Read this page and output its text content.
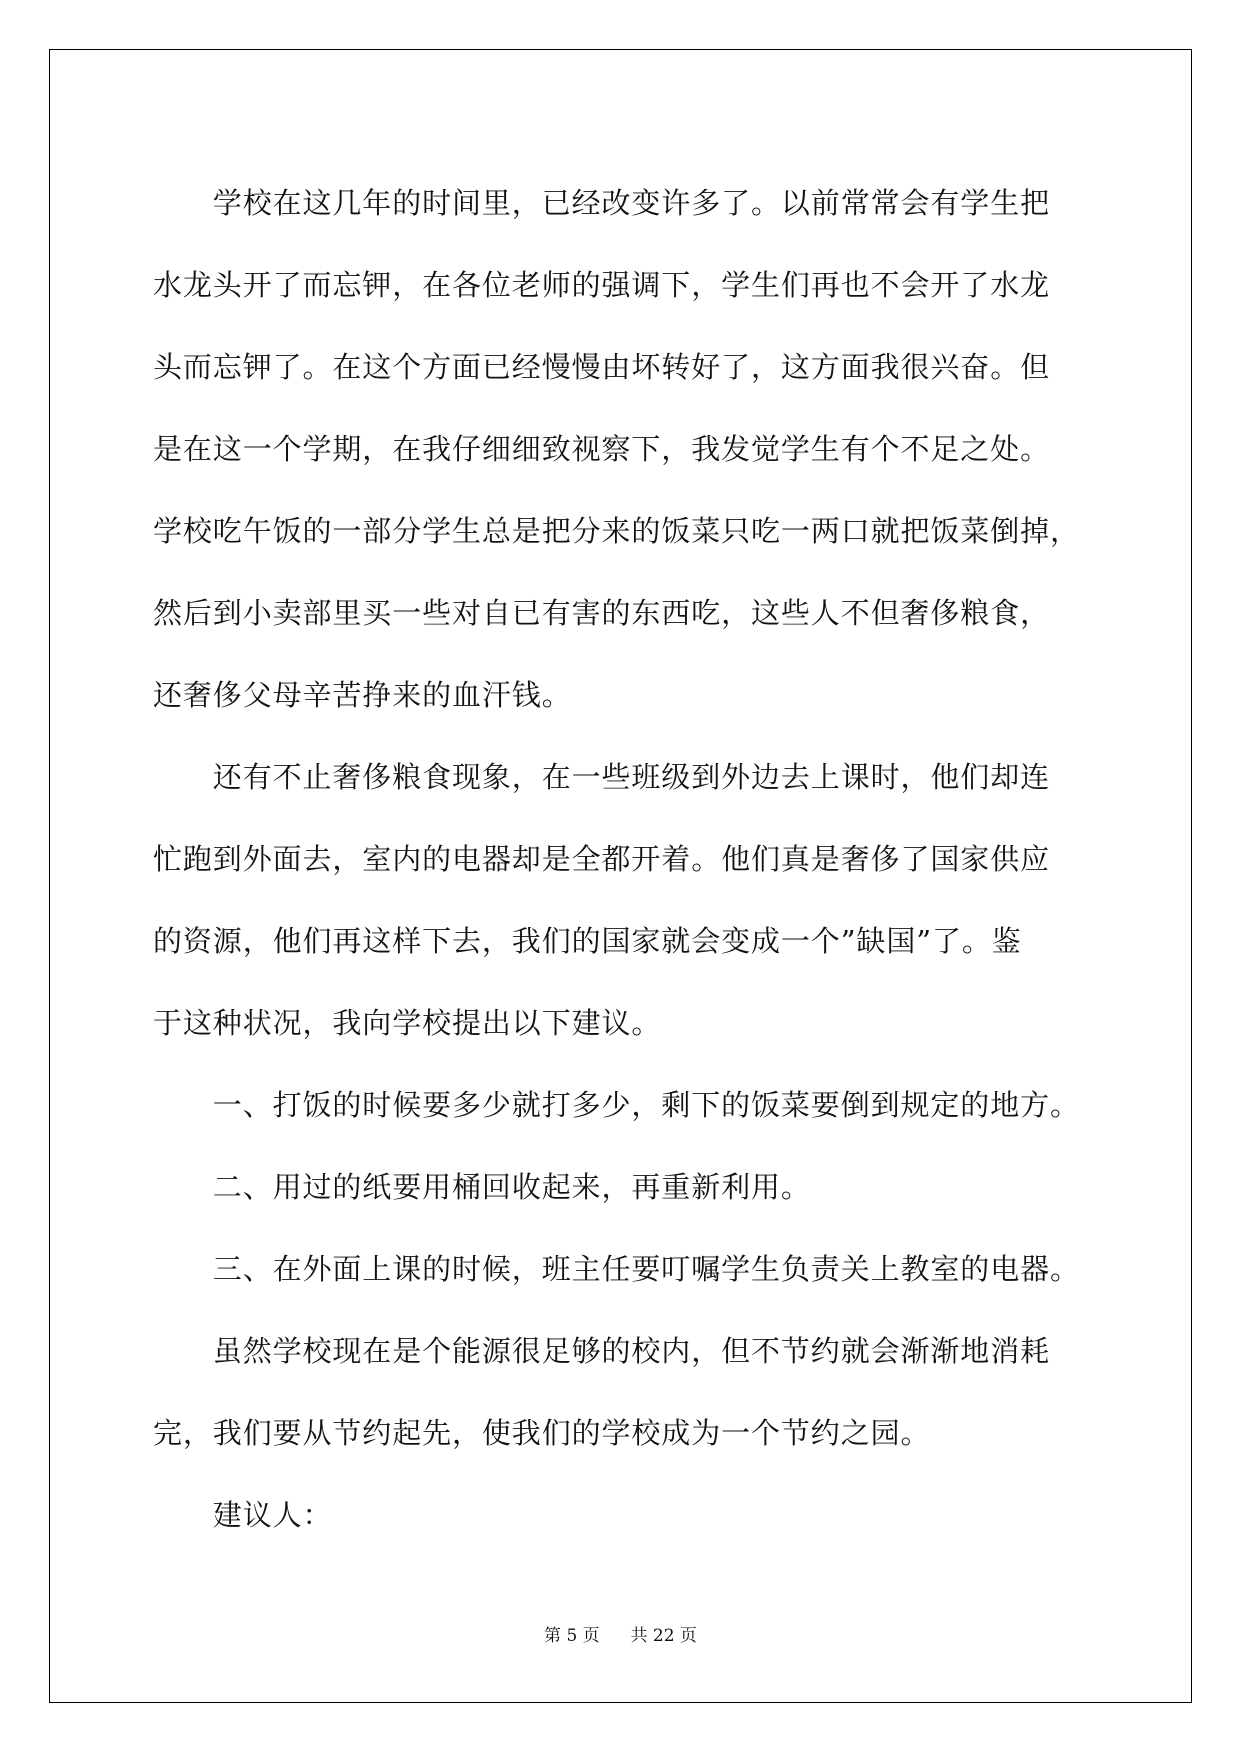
　　学校在这几年的时间里，已经改变许多了。以前常常会有学生把
水龙头开了而忘钾，在各位老师的强调下，学生们再也不会开了水龙
头而忘钾了。在这个方面已经慢慢由坏转好了，这方面我很兴奋。但
是在这一个学期，在我仔细细致视察下，我发觉学生有个不足之处。
学校吃午饭的一部分学生总是把分来的饭菜只吃一两口就把饭菜倒掉，
然后到小卖部里买一些对自已有害的东西吃，这些人不但奢侈粮食，
还奢侈父母辛苦挣来的血汗钱。
　　还有不止奢侈粮食现象，在一些班级到外边去上课时，他们却连
忙跑到外面去，室内的电器却是全都开着。他们真是奢侈了国家供应
的资源，他们再这样下去，我们的国家就会变成一个”缺国”了。鉴
于这种状况，我向学校提出以下建议。
　　一、打饭的时候要多少就打多少，剩下的饭菜要倒到规定的地方。
　　二、用过的纸要用桶回收起来，再重新利用。
　　三、在外面上课的时候，班主任要叮嘱学生负责关上教室的电器。
　　虽然学校现在是个能源很足够的校内，但不节约就会渐渐地消耗
完，我们要从节约起先，使我们的学校成为一个节约之园。
　　建议人：
第 5 页 共 22 页
